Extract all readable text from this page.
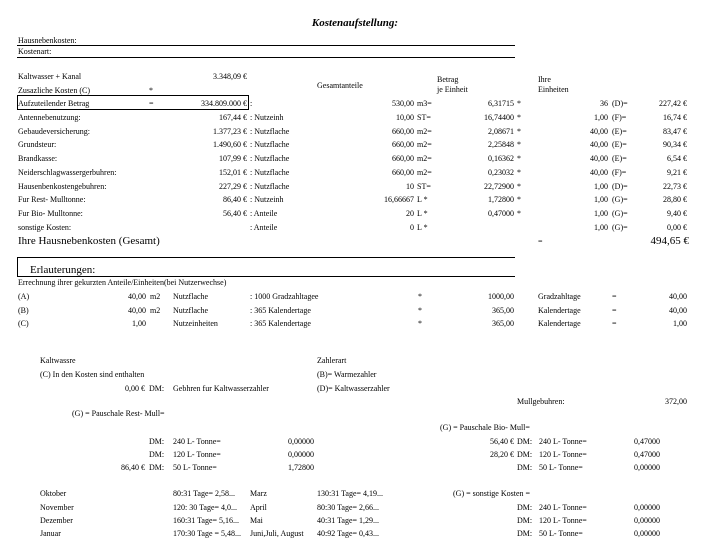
Kostenaufstellung:
Hausnebenkosten:
Kostenart:
Kaltwasser + Kanal	3.348,09 €
Zusazliche Kosten (C)	*
Gesamtanteile
Betrag
je Einheit
Ihre
Einheiten
Aufzuteilender Betrag	=	334.809.000 € :	530,00 m3=	6,31715 *	36 (D)=	227,42 €
Antennebenutzung:	167,44 € : Nutzeinh	10,00 ST=	16,74400 *	1,00 (F)=	16,74 €
Gebaudeversicherung:	1.377,23 € : Nutzflache	660,00 m2=	2,08671 *	40,00 (E)=	83,47 €
Grundsteur:	1.490,60 € : Nutzflache	660,00 m2=	2,25848 *	40,00 (E)=	90,34 €
Brandkasse:	107,99 € : Nutzflache	660,00 m2=	0,16362 *	40,00 (E)=	6,54 €
Neiderschlagwassergerbuhren:	152,01 € : Nutzflache	660,00 m2=	0,23032 *	40,00 (F)=	9,21 €
Hausenbenkostengebuhren:	227,29 € : Nutzflache	10 ST=	22,72900 *	1,00 (D)=	22,73 €
Fur Rest- Mulltonne:	86,40 € : Nutzeinh	16,66667 L *	1,72800 *	1,00 (G)=	28,80 €
Fur Bio- Mulltonne:	56,40 € : Anteile	20 L *	0,47000 *	1,00 (G)=	9,40 €
sonstige Kosten:	: Anteile	0 L *	1,00 (G)=	0,00 €
Ihre Hausnebenkosten (Gesamt)	=	494,65 €
Erlauterungen:
Errechnung ihrer gekurzten Anteile/Einheiten(bei Nutzerwechse)
(A)	40,00 m2 Nutzflache	: 1000 Gradzahltagee	*	1000,00	Gradzahltage	=	40,00
(B)	40,00 m2 Nutzflache	: 365 Kalendertage	*	365,00	Kalendertage	=	40,00
(C)	1,00	Nutzeinheiten	: 365 Kalendertage	*	365,00	Kalendertage	=	1,00
Kaltwassre
(C) In den Kosten sind enthalten
0,00 € DM: Gebhren fur Kaltwasserzahler
Zahlerart
(B)= Warmezahler
(D)= Kaltwasserzahler
Mullgebuhren:	372,00
(G) = Pauschale Rest- Mull=
(G) = Pauschale Bio- Mull=
DM: 240 L- Tonne=	0,00000
DM: 120 L- Tonne=	0,00000
86,40 € DM: 50 L- Tonne=	1,72800
56,40 € DM: 240 L- Tonne=	0,47000
28,20 € DM: 120 L- Tonne=	0,47000
DM: 50 L- Tonne=	0,00000
Oktober	80:31 Tage= 2,58... Marz	130:31 Tage= 4,19...
November	120: 30 Tage= 4,0... April	80:30 Tage= 2,66...
Dezember	160:31 Tage= 5,16... Mai	40:31 Tage= 1,29...
Januar	170:30 Tage = 5,48... Juni,Juli, August 40:92 Tage= 0,43...
(G) = sonstige Kosten =
DM: 240 L- Tonne=	0,00000
DM: 120 L- Tonne=	0,00000
DM: 50 L- Tonne=	0,00000
